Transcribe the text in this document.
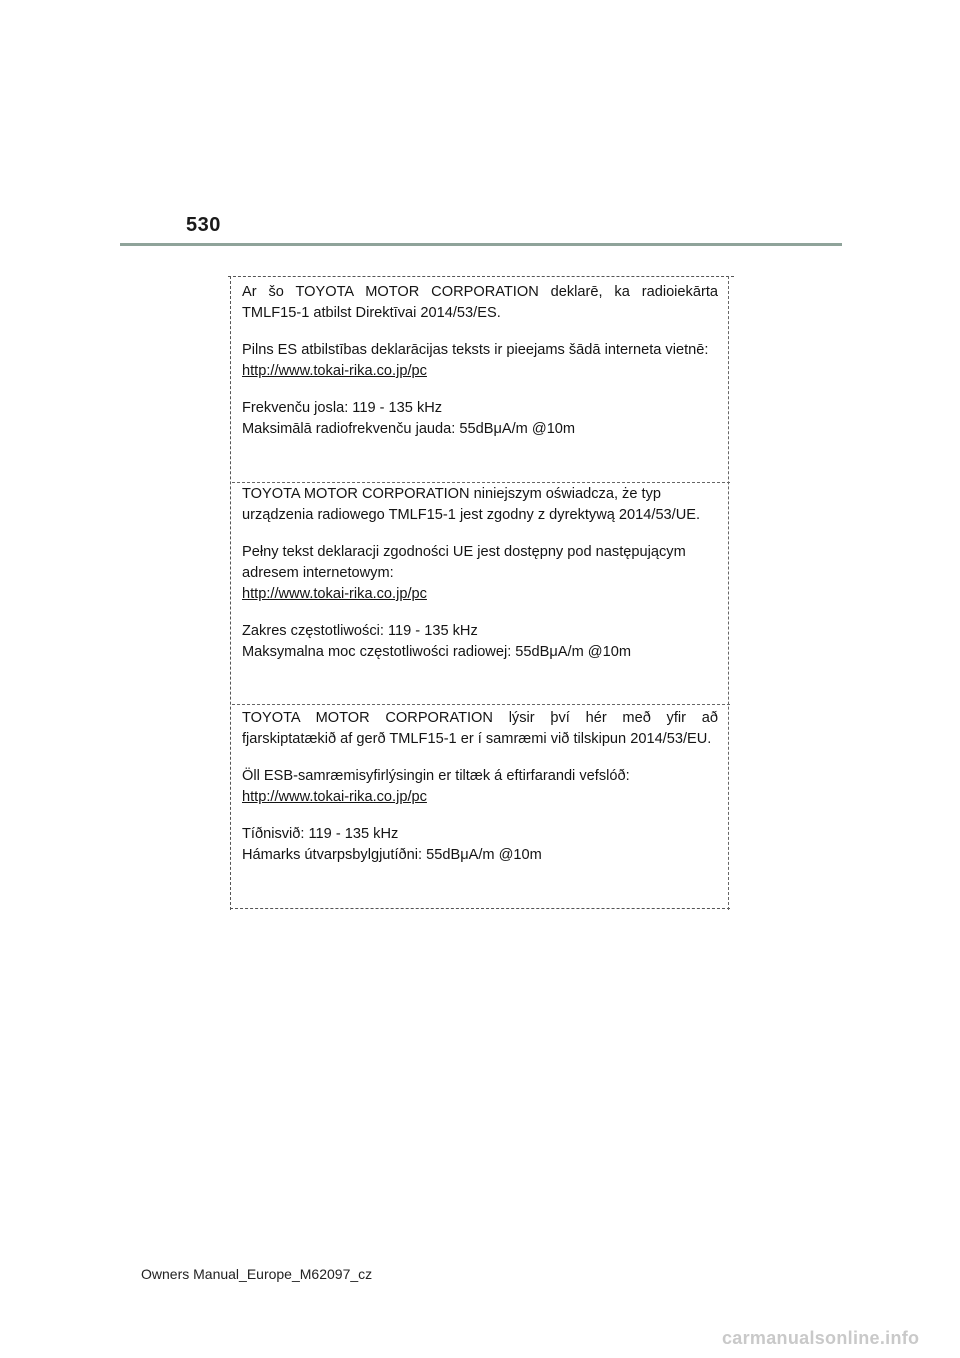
530

Ar šo TOYOTA MOTOR CORPORATION deklarē, ka radioiekārta TMLF15-1 atbilst Direktīvai 2014/53/ES.

Pilns ES atbilstības deklarācijas teksts ir pieejams šādā interneta vietnē:

http://www.tokai-rika.co.jp/pc

Frekvenču josla: 119 - 135 kHz

Maksimālā radiofrekvenču jauda: 55dBμA/m @10m

TOYOTA MOTOR CORPORATION niniejszym oświadcza, że typ urządzenia radiowego TMLF15-1 jest zgodny z dyrektywą 2014/53/UE.

Pełny tekst deklaracji zgodności UE jest dostępny pod następującym adresem internetowym:

http://www.tokai-rika.co.jp/pc

Zakres częstotliwości: 119 - 135 kHz

Maksymalna moc częstotliwości radiowej: 55dBμA/m @10m

TOYOTA MOTOR CORPORATION lýsir því hér með yfir að fjarskiptatækið af gerð TMLF15-1 er í samræmi við tilskipun 2014/53/EU.

Öll ESB-samræmisyfirlýsingin er tiltæk á eftirfarandi vefslóð:

http://www.tokai-rika.co.jp/pc

Tíðnisvið: 119 - 135 kHz

Hámarks útvarpsbylgjutíðni: 55dBμA/m @10m

Owners Manual_Europe_M62097_cz
carmanualsonline.info
